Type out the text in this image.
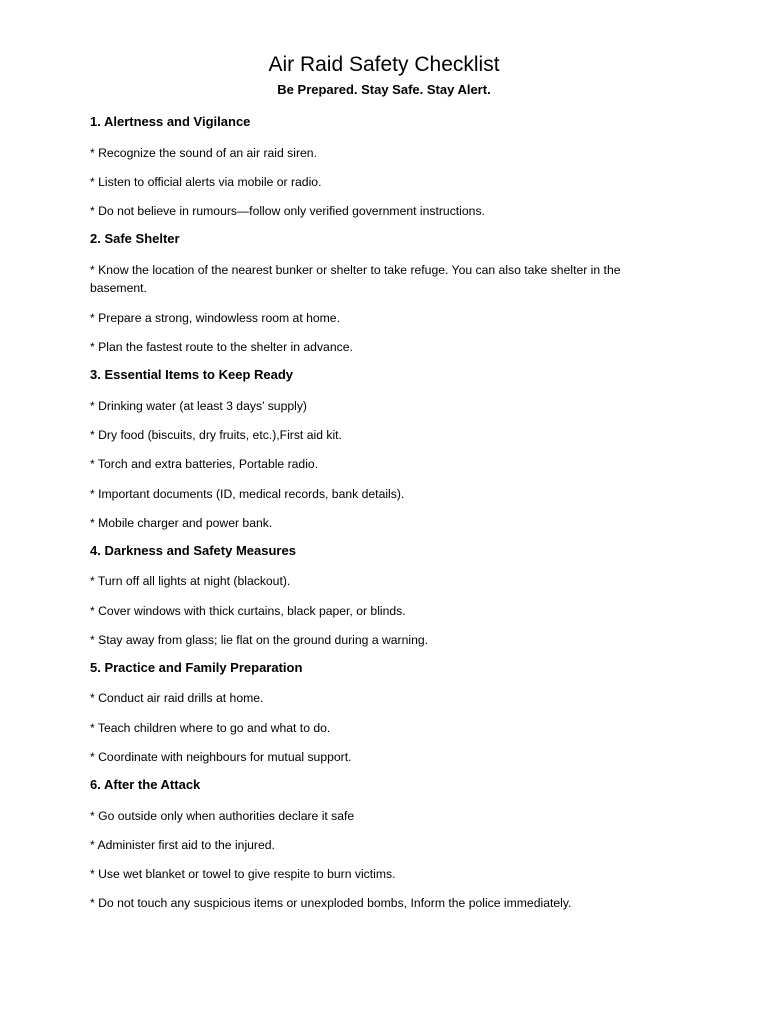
Air Raid Safety Checklist

Be Prepared. Stay Safe. Stay Alert.

1. Alertness and Vigilance

* Recognize the sound of an air raid siren.

* Listen to official alerts via mobile or radio.

* Do not believe in rumours—follow only verified government instructions.

2. Safe Shelter

* Know the location of the nearest bunker or shelter to take refuge. You can also take shelter in the basement.

* Prepare a strong, windowless room at home.

* Plan the fastest route to the shelter in advance.

3. Essential Items to Keep Ready

* Drinking water (at least 3 days’ supply)

* Dry food (biscuits, dry fruits, etc.),First aid kit.

* Torch and extra batteries, Portable radio.

* Important documents (ID, medical records, bank details).

* Mobile charger and power bank.

4. Darkness and Safety Measures

* Turn off all lights at night (blackout).

* Cover windows with thick curtains, black paper, or blinds.

* Stay away from glass; lie flat on the ground during a warning.

5. Practice and Family Preparation

* Conduct air raid drills at home.

* Teach children where to go and what to do.

* Coordinate with neighbours for mutual support.

6. After the Attack

* Go outside only when authorities declare it safe

* Administer first aid to the injured.

* Use wet blanket or towel to give respite to burn victims.

* Do not touch any suspicious items or unexploded bombs, Inform the police immediately.
